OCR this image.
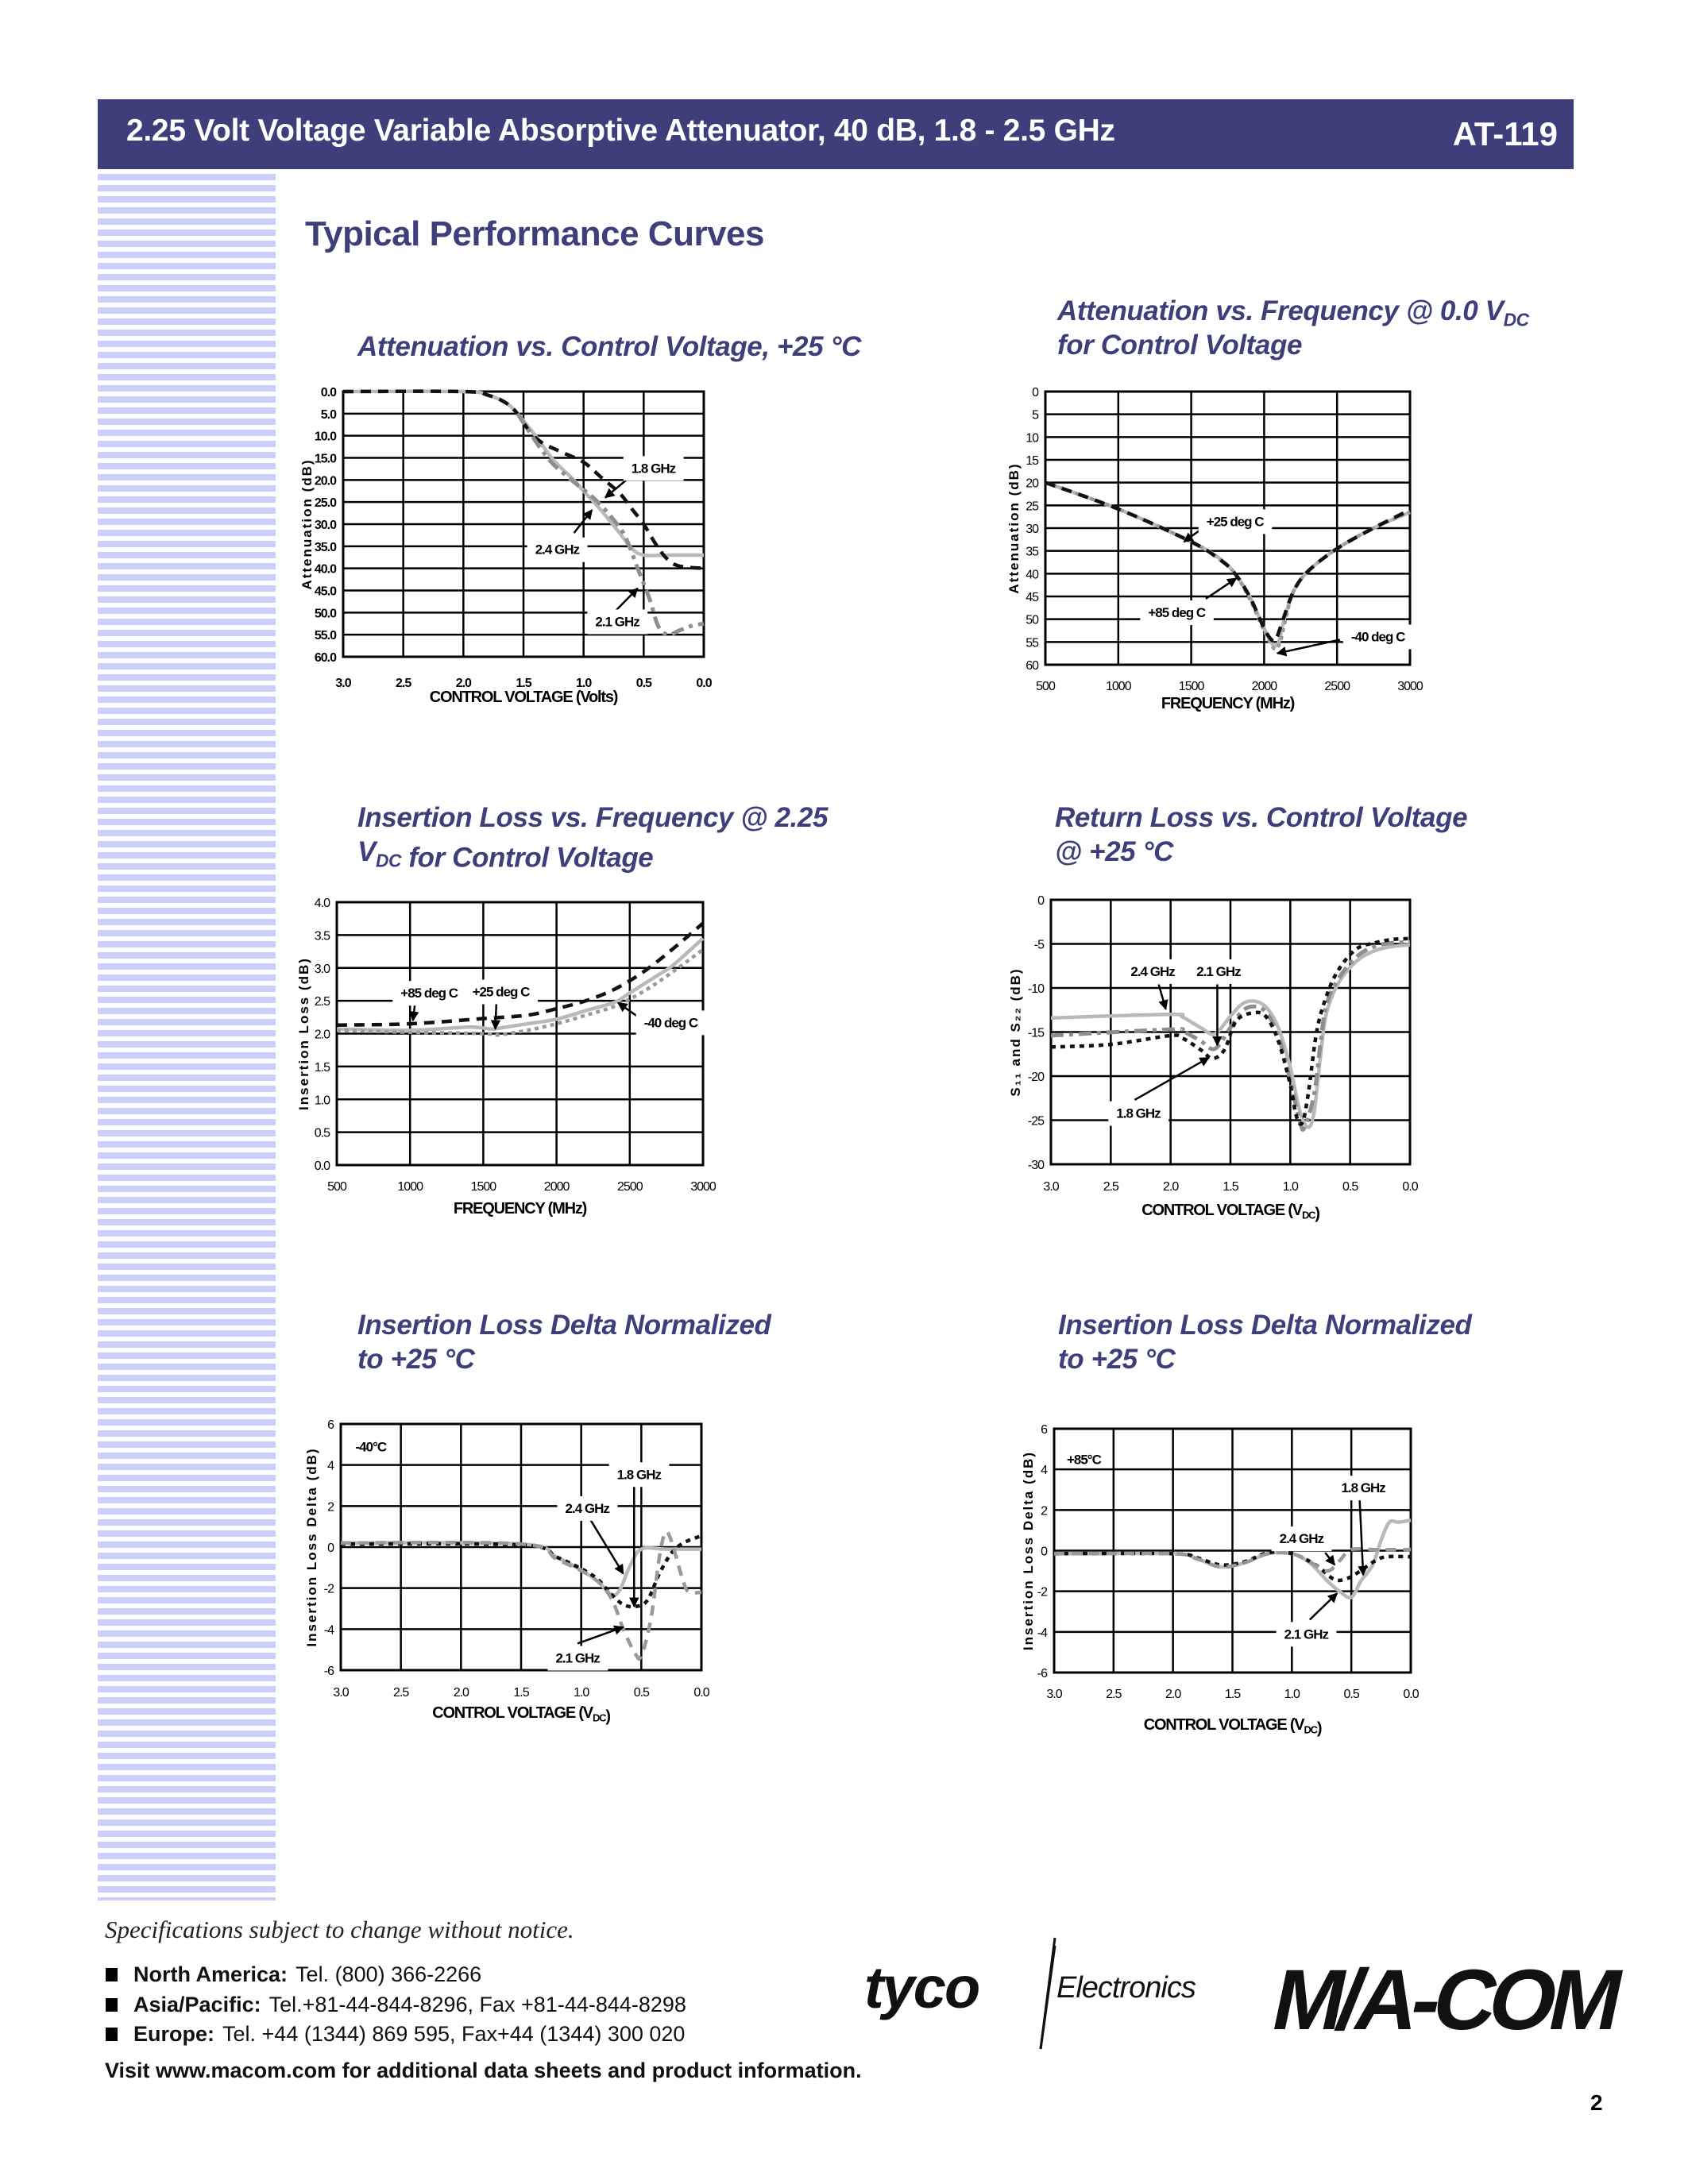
2.25 Volt Voltage Variable Absorptive Attenuator, 40 dB, 1.8 - 2.5 GHz	AT-119
Typical Performance Curves
Attenuation vs. Control Voltage, +25 °C
0.0
5.0
10.0
15.0
20.0
25.0
30.0
35.0
40.0
45.0
50.0
55.0
60.0
3.0	2.5	2.0	1.5	1.0	0.5	0.0
CONTROL VOLTAGE (Volts)
Attenuation (dB)	1.8 GHz
2.4 GHz
2.1 GHz
Attenuation vs. Frequency @ 0.0 $V_{DC}$
for Control Voltage
0
5
10
15
20
25
30
35
40
45
50
55
60
500	1000	1500	2000	2500	3000
FREQUENCY (MHz)
Attenuation (dB)	+25 deg C
+85 deg C
-40 deg C
Insertion Loss vs. Frequency @ 2.25
$V_{DC}$ for Control Voltage
0.0
0.5
1.0
1.5
2.0
2.5
3.0
3.5
4.0
500	1000	1500	2000	2500	3000
FREQUENCY (MHz)
Insertion Loss (dB)	+85 deg C +25 deg C
-40 deg C
Return Loss vs. Control Voltage
@ +25 °C
0
-5
-10
-15
-20
-25
-30
3.0	2.5	2.0	1.5	1.0	0.5	0.0
CONTROL VOLTAGE $(V_{DC})$
S₁₁ and S₂₂ (dB)	2.4 GHz 2.1 GHz
1.8 GHz
Insertion Loss Delta Normalized
to +25 °C
6
4
2
0
-2
-4
-6
3.0	2.5	2.0	1.5	1.0	0.5	0.0
CONTROL VOLTAGE $(V_{DC})$
Insertion Loss Delta (dB)
-40°C
1.8 GHz
2.4 GHz
2.1 GHz
Insertion Loss Delta Normalized
to +25 °C
6
4
2
0
-2
-4
-6
3.0	2.5	2.0	1.5	1.0	0.5	0.0
CONTROL VOLTAGE $(V_{DC})$
Insertion Loss Delta (dB) +85°C
1.8 GHz
2.4 GHz
2.1 GHz
Specifications subject to change without notice.
North America: Tel. (800) 366-2266
Asia/Pacific: Tel.+81-44-844-8296, Fax +81-44-844-8298
Europe: Tel. +44 (1344) 869 595, Fax+44 (1344) 300 020
Visit www.macom.com for additional data sheets and product information.
2
tyco	Electronics M/A-COM
